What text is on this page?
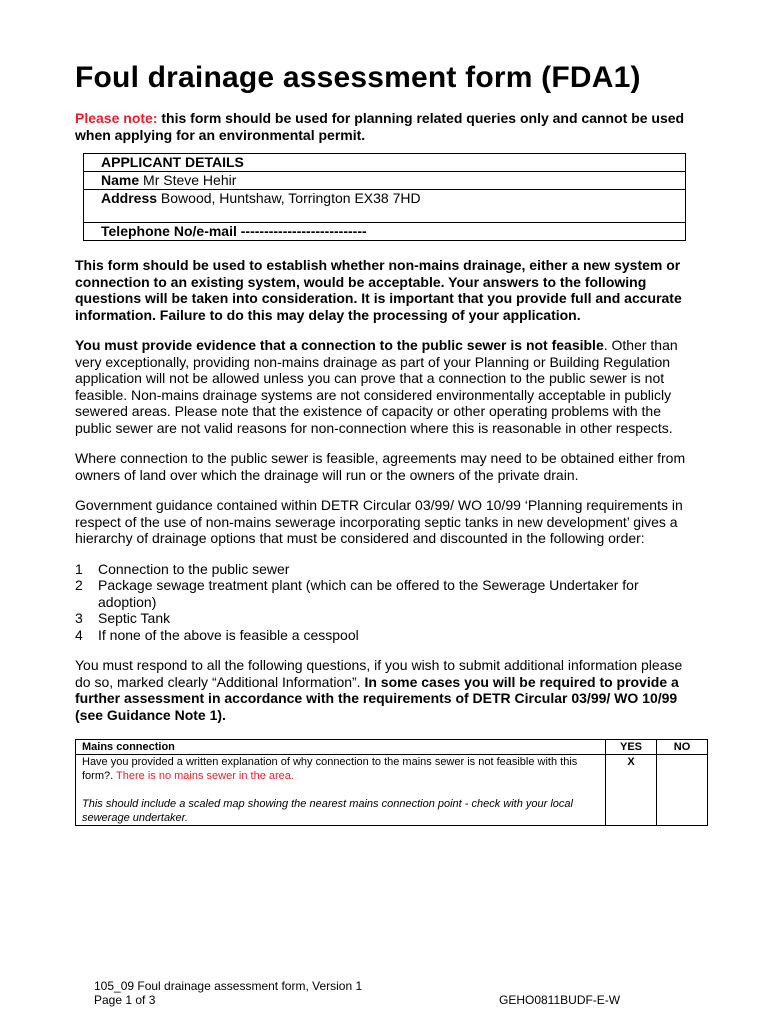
Foul drainage assessment form (FDA1)
Please note: this form should be used for planning related queries only and cannot be used when applying for an environmental permit.
APPLICANT DETAILS
Name Mr Steve Hehir
Address Bowood, Huntshaw, Torrington EX38 7HD
Telephone No/e-mail ---------------------------
This form should be used to establish whether non-mains drainage, either a new system or connection to an existing system, would be acceptable. Your answers to the following questions will be taken into consideration. It is important that you provide full and accurate information. Failure to do this may delay the processing of your application.
You must provide evidence that a connection to the public sewer is not feasible. Other than very exceptionally, providing non-mains drainage as part of your Planning or Building Regulation application will not be allowed unless you can prove that a connection to the public sewer is not feasible. Non-mains drainage systems are not considered environmentally acceptable in publicly sewered areas. Please note that the existence of capacity or other operating problems with the public sewer are not valid reasons for non-connection where this is reasonable in other respects.
Where connection to the public sewer is feasible, agreements may need to be obtained either from owners of land over which the drainage will run or the owners of the private drain.
Government guidance contained within DETR Circular 03/99/ WO 10/99 ‘Planning requirements in respect of the use of non-mains sewerage incorporating septic tanks in new development’ gives a hierarchy of drainage options that must be considered and discounted in the following order:
1	Connection to the public sewer
2	Package sewage treatment plant (which can be offered to the Sewerage Undertaker for adoption)
3	Septic Tank
4	If none of the above is feasible a cesspool
You must respond to all the following questions, if you wish to submit additional information please do so, marked clearly “Additional Information”. In some cases you will be required to provide a further assessment in accordance with the requirements of DETR Circular 03/99/ WO 10/99 (see Guidance Note 1).
Mains connection	YES	NO

Have you provided a written explanation of why connection to the mains sewer is not feasible with this form?. There is no mains sewer in the area.
This should include a scaled map showing the nearest mains connection point - check with your local sewerage undertaker.	X	
105_09 Foul drainage assessment form, Version 1
Page 1 of 3	GEHO0811BUDF-E-W
